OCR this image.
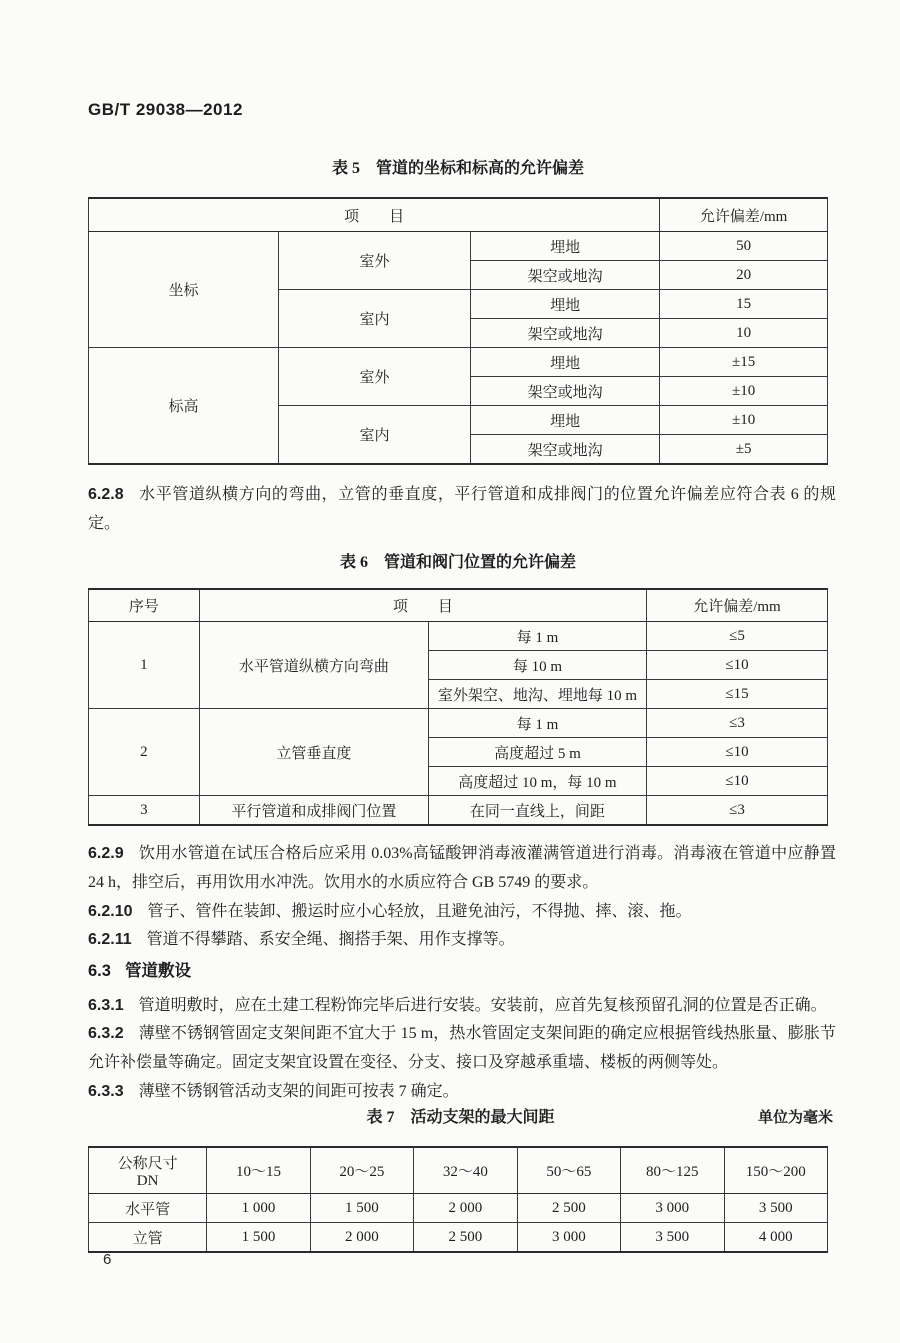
GB/T 29038—2012
表 5　管道的坐标和标高的允许偏差
项　　目			允许偏差/mm
坐标	室外	埋地	50
		架空或地沟	20
	室内	埋地	15
		架空或地沟	10
标高	室外	埋地	±15
		架空或地沟	±10
	室内	埋地	±10
		架空或地沟	±5

6.2.8 水平管道纵横方向的弯曲，立管的垂直度，平行管道和成排阀门的位置允许偏差应符合表 6 的规定。

表 6　管道和阀门位置的允许偏差
序号	项　　目		允许偏差/mm
1	水平管道纵横方向弯曲	每 1 m	≤5
		每 10 m	≤10
		室外架空、地沟、埋地每 10 m	≤15
2	立管垂直度	每 1 m	≤3
		高度超过 5 m	≤10
		高度超过 10 m，每 10 m	≤10
3	平行管道和成排阀门位置	在同一直线上，间距	≤3

6.2.9 饮用水管道在试压合格后应采用 0.03%高锰酸钾消毒液灌满管道进行消毒。消毒液在管道中应静置 24 h，排空后，再用饮用水冲洗。饮用水的水质应符合 GB 5749 的要求。

6.2.10 管子、管件在装卸、搬运时应小心轻放，且避免油污，不得抛、摔、滚、拖。

6.2.11 管道不得攀踏、系安全绳、搁搭手架、用作支撑等。

6.3 管道敷设

6.3.1 管道明敷时，应在土建工程粉饰完毕后进行安装。安装前，应首先复核预留孔洞的位置是否正确。

6.3.2 薄壁不锈钢管固定支架间距不宜大于 15 m，热水管固定支架间距的确定应根据管线热胀量、膨胀节允许补偿量等确定。固定支架宜设置在变径、分支、接口及穿越承重墙、楼板的两侧等处。

6.3.3 薄壁不锈钢管活动支架的间距可按表 7 确定。

表 7　活动支架的最大间距	单位为毫米
公称尺寸
DN	10～15	20～25	32～40	50～65	80～125	150～200
水平管	1 000	1 500	2 000	2 500	3 000	3 500
立管	1 500	2 000	2 500	3 000	3 500	4 000
6
